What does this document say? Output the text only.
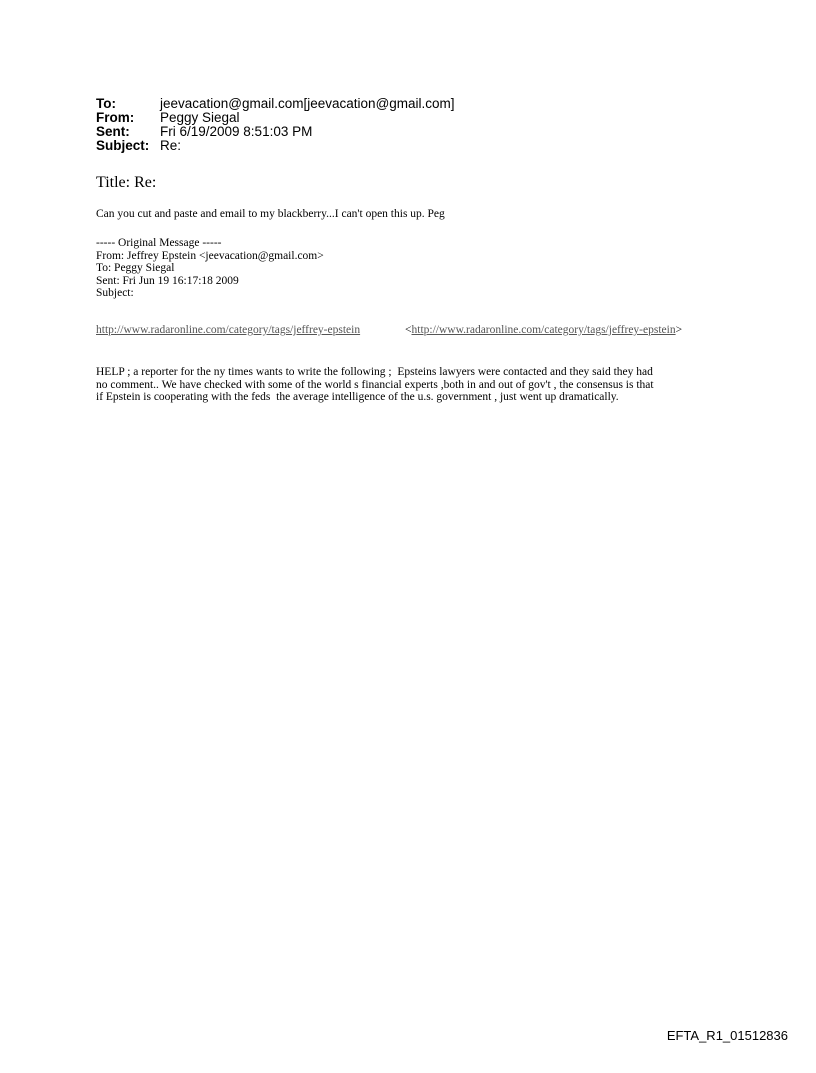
To:	jeevacation@gmail.com[jeevacation@gmail.com]
From:	Peggy Siegal
Sent:	Fri 6/19/2009 8:51:03 PM
Subject: Re:
Title: Re:
Can you cut and paste and email to my blackberry...I can't open this up. Peg
----- Original Message -----
From: Jeffrey Epstein <jeevacation@gmail.com>
To: Peggy Siegal
Sent: Fri Jun 19 16:17:18 2009
Subject:
http://www.radaronline.com/category/tags/jeffrey-epstein	<http://www.radaronline.com/category/tags/jeffrey-epstein>
HELP ; a reporter for the ny times wants to write the following ;  Epsteins lawyers were contacted and they said they had
no comment.. We have checked with some of the world s financial experts ,both in and out of gov't , the consensus is that
if Epstein is cooperating with the feds  the average intelligence of the u.s. government , just went up dramatically.
EFTA_R1_01512836
